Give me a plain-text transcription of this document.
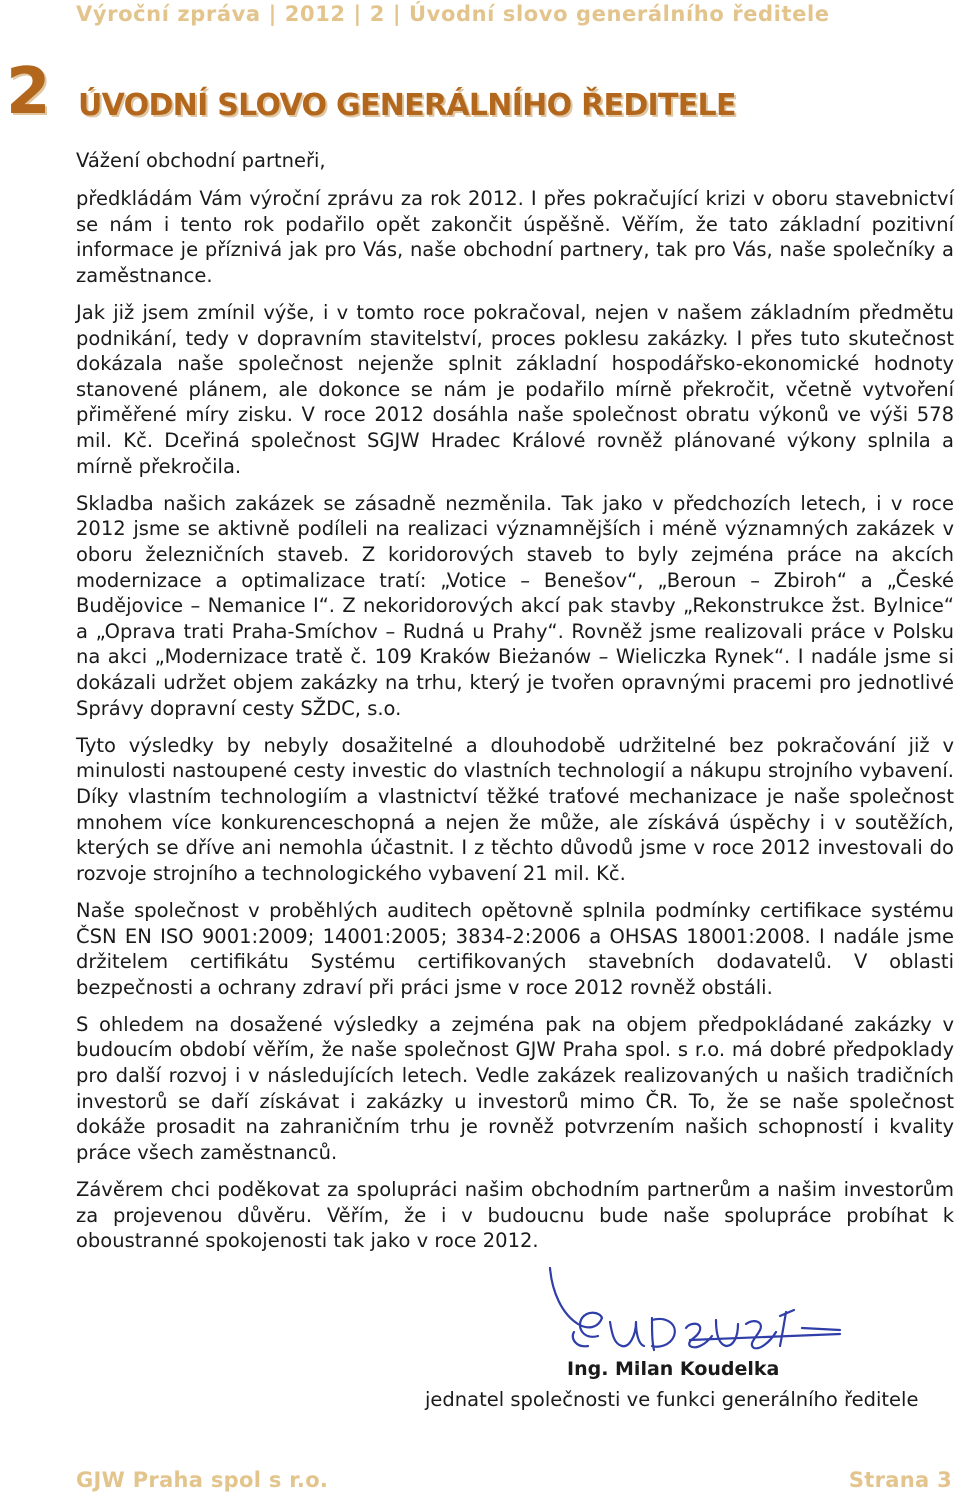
Výroční zpráva | 2012 | 2 | Úvodní slovo generálního ředitele
2 ÚVODNÍ SLOVO GENERÁLNÍHO ŘEDITELE

Vážení obchodní partneři,

předkládám Vám výroční zprávu za rok 2012. I přes pokračující krizi v oboru stavebnictví se nám i tento rok podařilo opět zakončit úspěšně. Věřím, že tato základní pozitivní informace je příznivá jak pro Vás, naše obchodní partnery, tak pro Vás, naše společníky a zaměstnance.

Jak již jsem zmínil výše, i v tomto roce pokračoval, nejen v našem základním předmětu podnikání, tedy v dopravním stavitelství, proces poklesu zakázky. I přes tuto skutečnost dokázala naše společnost nejenže splnit základní hospodářsko-ekonomické hodnoty stanovené plánem, ale dokonce se nám je podařilo mírně překročit, včetně vytvoření přiměřené míry zisku. V roce 2012 dosáhla naše společnost obratu výkonů ve výši 578 mil. Kč. Dceřiná společnost SGJW Hradec Králové rovněž plánované výkony splnila a mírně překročila.

Skladba našich zakázek se zásadně nezměnila. Tak jako v předchozích letech, i v roce 2012 jsme se aktivně podíleli na realizaci významnějších i méně významných zakázek v oboru železničních staveb. Z koridorových staveb to byly zejména práce na akcích modernizace a optimalizace tratí: „Votice – Benešov“, „Beroun – Zbiroh“ a „České Budějovice – Nemanice I“. Z nekoridorových akcí pak stavby „Rekonstrukce žst. Bylnice“ a „Oprava trati Praha-Smíchov – Rudná u Prahy“. Rovněž jsme realizovali práce v Polsku na akci „Modernizace tratě č. 109 Kraków Bieżanów – Wieliczka Rynek“. I nadále jsme si dokázali udržet objem zakázky na trhu, který je tvořen opravnými pracemi pro jednotlivé Správy dopravní cesty SŽDC, s.o.

Tyto výsledky by nebyly dosažitelné a dlouhodobě udržitelné bez pokračování již v minulosti nastoupené cesty investic do vlastních technologií a nákupu strojního vybavení. Díky vlastním technologiím a vlastnictví těžké traťové mechanizace je naše společnost mnohem více konkurenceschopná a nejen že může, ale získává úspěchy i v soutěžích, kterých se dříve ani nemohla účastnit. I z těchto důvodů jsme v roce 2012 investovali do rozvoje strojního a technologického vybavení 21 mil. Kč.

Naše společnost v proběhlých auditech opětovně splnila podmínky certifikace systému ČSN EN ISO 9001:2009; 14001:2005; 3834-2:2006 a OHSAS 18001:2008. I nadále jsme držitelem certifikátu Systému certifikovaných stavebních dodavatelů. V oblasti bezpečnosti a ochrany zdraví při práci jsme v roce 2012 rovněž obstáli.

S ohledem na dosažené výsledky a zejména pak na objem předpokládané zakázky v budoucím období věřím, že naše společnost GJW Praha spol. s r.o. má dobré předpoklady pro další rozvoj i v následujících letech. Vedle zakázek realizovaných u našich tradičních investorů se daří získávat i zakázky u investorů mimo ČR. To, že se naše společnost dokáže prosadit na zahraničním trhu je rovněž potvrzením našich schopností i kvality práce všech zaměstnanců.

Závěrem chci poděkovat za spolupráci našim obchodním partnerům a našim investorům za projevenou důvěru. Věřím, že i v budoucnu bude naše spolupráce probíhat k oboustranné spokojenosti tak jako v roce 2012.

Ing. Milan Koudelka
jednatel společnosti ve funkci generálního ředitele
GJW Praha spol s r.o.	Strana 3
